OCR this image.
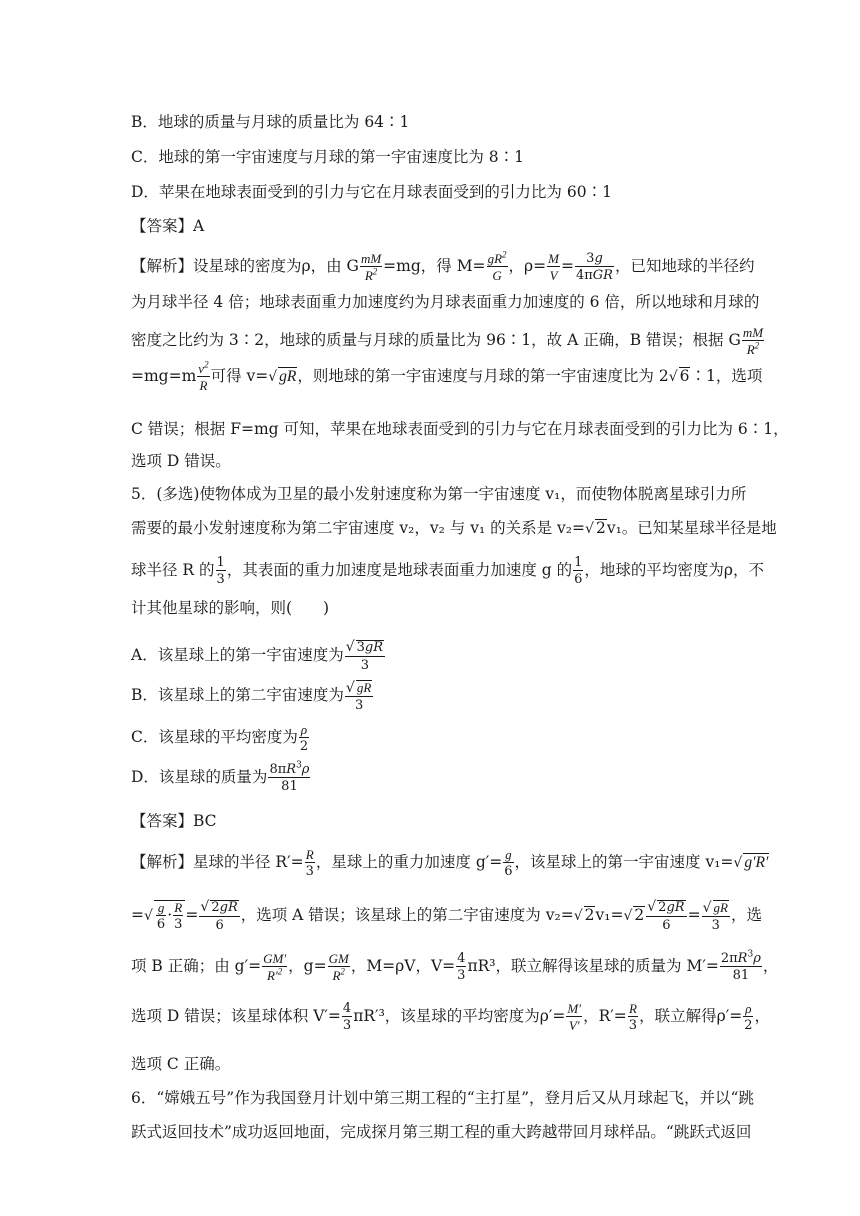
B．地球的质量与月球的质量比为 64∶1
C．地球的第一宇宙速度与月球的第一宇宙速度比为 8∶1
D．苹果在地球表面受到的引力与它在月球表面受到的引力比为 60∶1
【答案】A
【解析】设星球的密度为ρ，由 G $\frac{mM}{R^2} =mg$，得 $M= \frac{gR^2}{G}$ ，$\rho= \frac{M}{V} = \frac{3g}{\text{4πGR}}$ ，已知地球的半径约
为月球半径 4 倍；地球表面重力加速度约为月球表面重力加速度的 6 倍，所以地球和月球的
密度之比约为 3∶2，地球的质量与月球的质量比为 96∶1，故 A 正确，B 错误；根据 G $\frac{mM}{R^2}$
$=mg=m \frac{v^2}{R}$ 可得 v=√ gR，则地球的第一宇宙速度与月球的第一宇宙速度比为 2√ 6∶1，选项
C 错误；根据 F=mg 可知，苹果在地球表面受到的引力与它在月球表面受到的引力比为 6∶1，
选项 D 错误。
5．(多选)使物体成为卫星的最小发射速度称为第一宇宙速度 v₁，而使物体脱离星球引力所
需要的最小发射速度称为第二宇宙速度 v₂，v₂ 与 v₁ 的关系是 v₂=√ 2v₁。已知某星球半径是地
球半径 R 的 $\frac{1}{3}$ ，其表面的重力加速度是地球表面重力加速度 g 的 $\frac{1}{6}$ ，地球的平均密度为ρ，不
计其他星球的影响，则(　　)
A．该星球上的第一宇宙速度为 $\frac{√ 3gR}{3}$
B．该星球上的第二宇宙速度为 $\frac{√ gR}{3}$
C．该星球的平均密度为 $\frac{\rho}{2}$
D．该星球的质量为 $\frac{8\pi R^3\rho}{81}$
【答案】BC
【解析】星球的半径 $R'= \frac{R}{3}$ ，星球上的重力加速度 $g'= \frac{g}{6}$ ，该星球上的第一宇宙速度 v₁=√ g′R′
=√ $\frac{g}{6} \cdot \frac{R}{3} = \frac{√ 2gR}{6}$ ，选项 A 错误；该星球上的第二宇宙速度为 v₂=√ 2v₁=√ $2 \frac{√ 2gR}{6} = \frac{√ gR}{3}$ ，选
项 B 正确；由 $g'= \frac{GM'}{R'^2}$ ，$g= \frac{GM}{R^2}$ ，M=ρV，$V= \frac{4}{3} \pi R^3$，联立解得该星球的质量为 $M'= \frac{2\pi R^3\rho}{81}$ ，
选项 D 错误；该星球体积 $V'= \frac{4}{3} \pi R'^3$，该星球的平均密度为$\rho'= \frac{M'}{V'}$ ，$R'= \frac{R}{3}$ ，联立解得$\rho'= \frac{\rho}{2}$ ，
选项 C 正确。
6．“嫦娥五号”作为我国登月计划中第三期工程的“主打星”，登月后又从月球起飞，并以“跳
跃式返回技术”成功返回地面，完成探月第三期工程的重大跨越带回月球样品。“跳跃式返回
